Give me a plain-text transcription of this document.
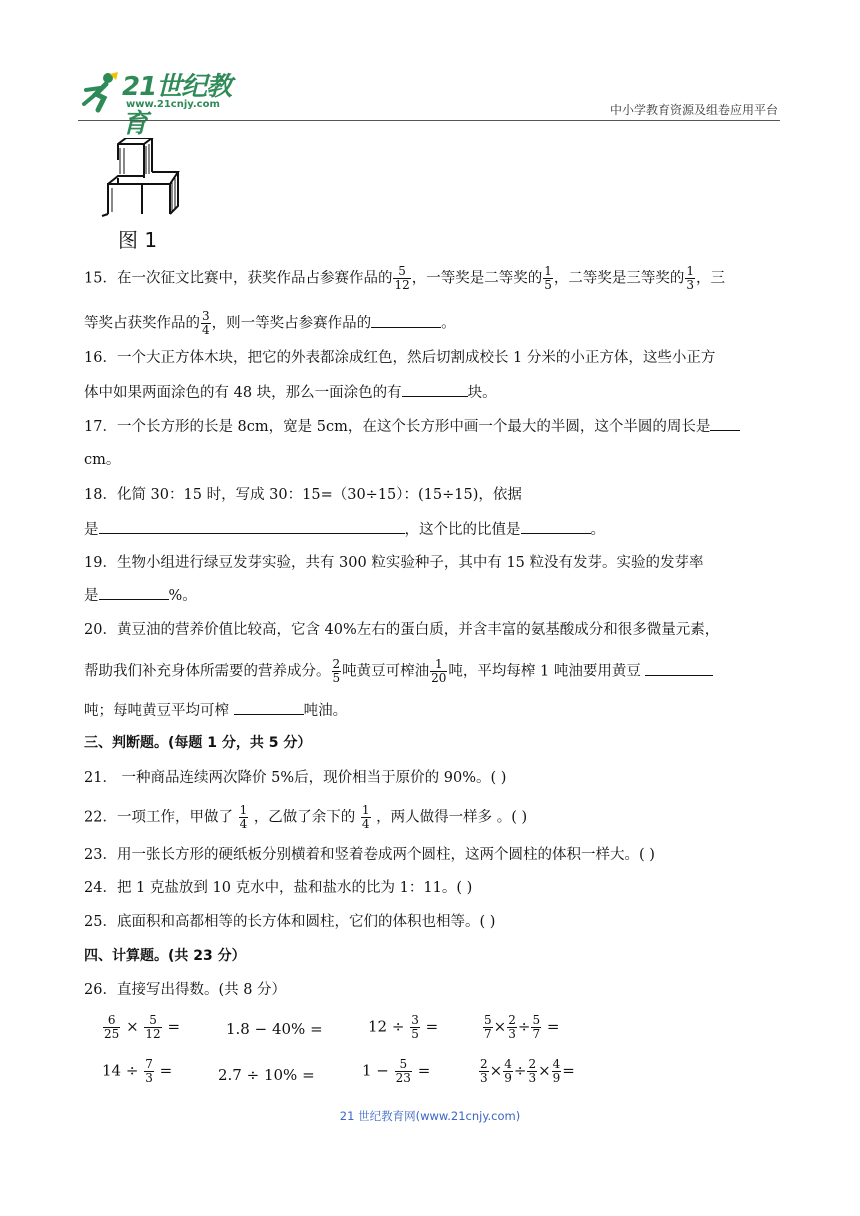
21世纪教育
www.21cnjy.com	中小学教育资源及组卷应用平台
图 1
15．在一次征文比赛中，获奖作品占参赛作品的 $\frac{5}{12}$ ，一等奖是二等奖的 $\frac{1}{5}$ ，二等奖是三等奖的 $\frac{1}{3}$ ，三
等奖占获奖作品的 $\frac{3}{4}$ ，则一等奖占参赛作品的	。
16．一个大正方体木块，把它的外表都涂成红色，然后切割成校长 1 分米的小正方体，这些小正方
体中如果两面涂色的有 48 块，那么一面涂色的有	块。
17．一个长方形的长是 8cm，宽是 5cm，在这个长方形中画一个最大的半圆，这个半圆的周长是
cm。
18．化简 30：15 时，写成 30：15=（30÷15）：(15÷15)，依据
是	，这个比的比值是	。
19．生物小组进行绿豆发芽实验，共有 300 粒实验种子，其中有 15 粒没有发芽。实验的发芽率
是	%。
20．黄豆油的营养价值比较高，它含 40%左右的蛋白质，并含丰富的氨基酸成分和很多微量元素，
帮助我们补充身体所需要的营养成分。 $\frac{2}{5}$ 吨黄豆可榨油 $\frac{1}{20}$ 吨，平均每榨 1 吨油要用黄豆
吨；每吨黄豆平均可榨	吨油。
三、判断题。(每题 1 分，共 5 分）
21． 一种商品连续两次降价 5%后，现价相当于原价的 90%。( )
22．一项工作，甲做了 $\frac{1}{4}$ ，乙做了余下的 $\frac{1}{4}$ ，两人做得一样多 。( )
23．用一张长方形的硬纸板分别横着和竖着卷成两个圆柱，这两个圆柱的体积一样大。( )
24．把 1 克盐放到 10 克水中，盐和盐水的比为 1：11。( )
25．底面积和高都相等的长方体和圆柱，它们的体积也相等。( )
四、计算题。(共 23 分）
26．直接写出得数。(共 8 分）
$\frac{6}{25} \times \frac{5}{12}$ =	1.8 − 40% =	$12 \div \frac{3}{5}$ =	$\frac{5}{7} \times \frac{2}{3} \div \frac{5}{7}$ =
$14 \div \frac{7}{3}$ =	2.7 ÷ 10% =	$1 - \frac{5}{23}$ =	$\frac{2}{3} \times \frac{4}{9} \div \frac{2}{3} \times \frac{4}{9}$ =
21 世纪教育网(www.21cnjy.com)
